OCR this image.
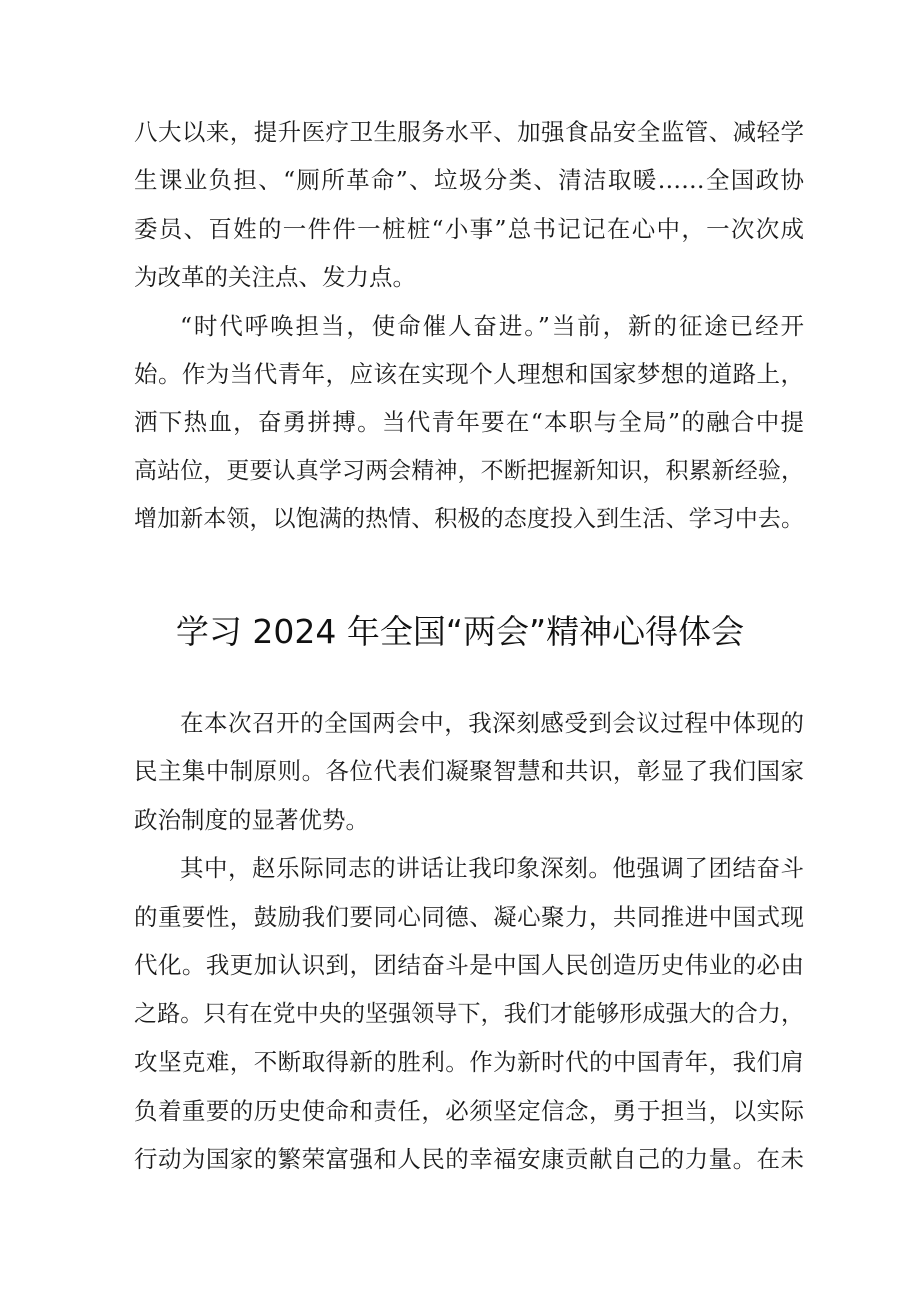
八大以来，提升医疗卫生服务水平、加强食品安全监管、减轻学
生课业负担、“厕所革命”、垃圾分类、清洁取暖……全国政协
委员、百姓的一件件一桩桩“小事”总书记记在心中，一次次成
为改革的关注点、发力点。
“时代呼唤担当，使命催人奋进。”当前，新的征途已经开
始。作为当代青年，应该在实现个人理想和国家梦想的道路上，
洒下热血，奋勇拼搏。当代青年要在“本职与全局”的融合中提
高站位，更要认真学习两会精神，不断把握新知识，积累新经验，
增加新本领，以饱满的热情、积极的态度投入到生活、学习中去。
学习 2024 年全国“两会”精神心得体会
在本次召开的全国两会中，我深刻感受到会议过程中体现的
民主集中制原则。各位代表们凝聚智慧和共识，彰显了我们国家
政治制度的显著优势。
其中，赵乐际同志的讲话让我印象深刻。他强调了团结奋斗
的重要性，鼓励我们要同心同德、凝心聚力，共同推进中国式现
代化。我更加认识到，团结奋斗是中国人民创造历史伟业的必由
之路。只有在党中央的坚强领导下，我们才能够形成强大的合力，
攻坚克难，不断取得新的胜利。作为新时代的中国青年，我们肩
负着重要的历史使命和责任，必须坚定信念，勇于担当，以实际
行动为国家的繁荣富强和人民的幸福安康贡献自己的力量。在未
